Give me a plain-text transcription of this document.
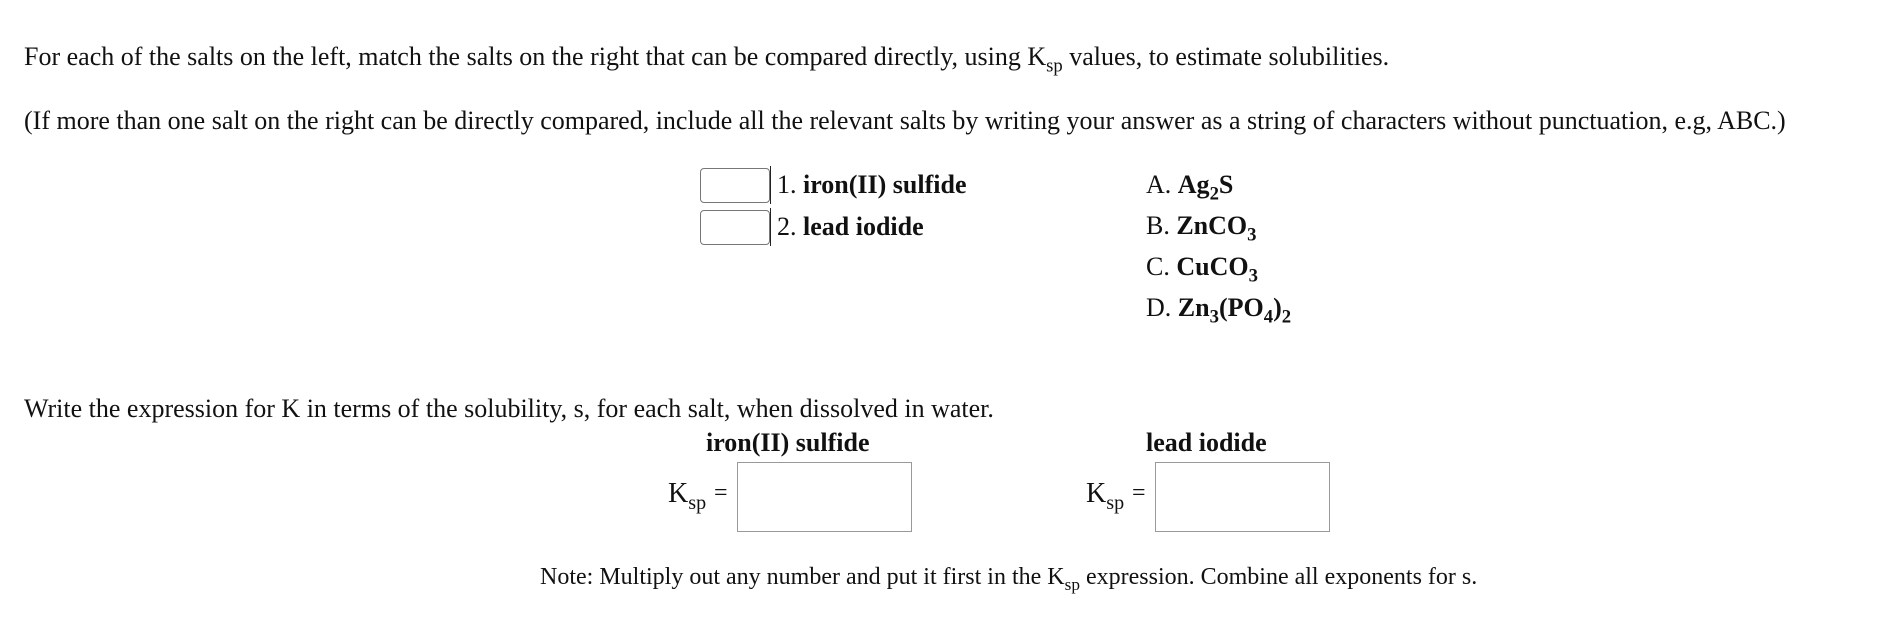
For each of the salts on the left, match the salts on the right that can be compared directly, using $K_{sp}$ values, to estimate solubilities.
(If more than one salt on the right can be directly compared, include all the relevant salts by writing your answer as a string of characters without punctuation, e.g, ABC.)
1.
iron(II) sulfide
2.
lead iodide
A.
$Ag_2S$
B.
ZnCO$_3$
C.
CuCO$_3$
D.
$Zn_3(PO_4)_2$
Write the expression for K in terms of the solubility, s, for each salt, when dissolved in water.
iron(II) sulfide	lead iodide
$K_{sp}$ =	$K_{sp}$ =
Note: Multiply out any number and put it first in the $K_{sp}$ expression. Combine all exponents for s.
